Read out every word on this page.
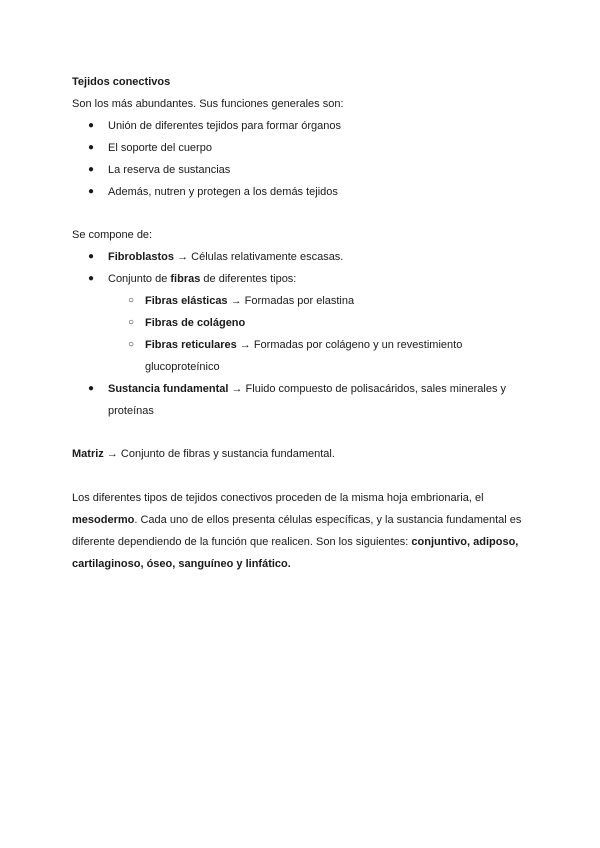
Tejidos conectivos
Son los más abundantes. Sus funciones generales son:
● Unión de diferentes tejidos para formar órganos
● El soporte del cuerpo
● La reserva de sustancias
● Además, nutren y protegen a los demás tejidos
Se compone de:
● Fibroblastos → Células relativamente escasas.
● Conjunto de fibras de diferentes tipos:
○ Fibras elásticas → Formadas por elastina
○ Fibras de colágeno
○ Fibras reticulares → Formadas por colágeno y un revestimiento
glucoproteínico
● Sustancia fundamental → Fluido compuesto de polisacáridos, sales minerales y
proteínas
Matriz → Conjunto de fibras y sustancia fundamental.
Los diferentes tipos de tejidos conectivos proceden de la misma hoja embrionaria, el
mesodermo. Cada uno de ellos presenta células específicas, y la sustancia fundamental es
diferente dependiendo de la función que realicen. Son los siguientes: conjuntivo, adiposo,
cartilaginoso, óseo, sanguíneo y linfático.
